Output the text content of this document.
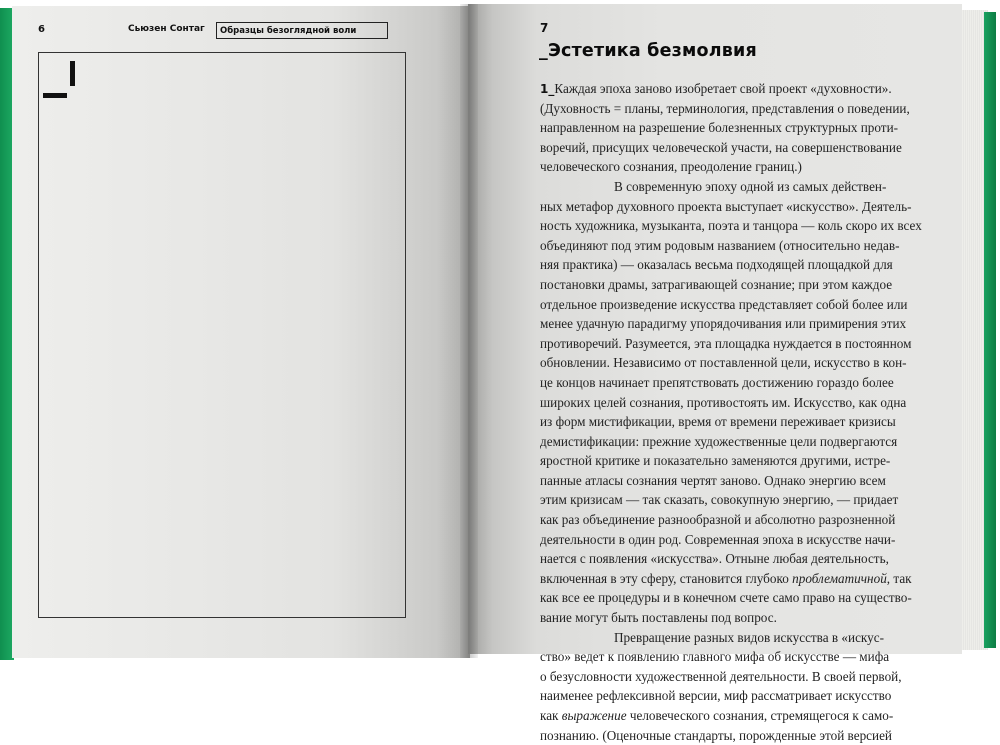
6	Сьюзен Сонтаг	Образцы безоглядной воли	7
_Эстетика безмолвия
1_Каждая эпоха заново изобретает свой проект «духовности».
(Духовность = планы, терминология, представления о поведении,
направленном на разрешение болезненных структурных проти-
воречий, присущих человеческой участи, на совершенствование
человеческого сознания, преодоление границ.)
В современную эпоху одной из самых действен-
ных метафор духовного проекта выступает «искусство». Деятель-
ность художника, музыканта, поэта и танцора — коль скоро их всех
объединяют под этим родовым названием (относительно недав-
няя практика) — оказалась весьма подходящей площадкой для
постановки драмы, затрагивающей сознание; при этом каждое
отдельное произведение искусства представляет собой более или
менее удачную парадигму упорядочивания или примирения этих
противоречий. Разумеется, эта площадка нуждается в постоянном
обновлении. Независимо от поставленной цели, искусство в кон-
це концов начинает препятствовать достижению гораздо более
широких целей сознания, противостоять им. Искусство, как одна
из форм мистификации, время от времени переживает кризисы
демистификации: прежние художественные цели подвергаются
яростной критике и показательно заменяются другими, истре-
панные атласы сознания чертят заново. Однако энергию всем
этим кризисам — так сказать, совокупную энергию, — придает
как раз объединение разнообразной и абсолютно разрозненной
деятельности в один род. Современная эпоха в искусстве начи-
нается с появления «искусства». Отныне любая деятельность,
включенная в эту сферу, становится глубоко проблематичной, так
как все ее процедуры и в конечном счете само право на существо-
вание могут быть поставлены под вопрос.
Превращение разных видов искусства в «искус-
ство» ведет к появлению главного мифа об искусстве — мифа
о безусловности художественной деятельности. В своей первой,
наименее рефлексивной версии, миф рассматривает искусство
как выражение человеческого сознания, стремящегося к само-
познанию. (Оценочные стандарты, порожденные этой версией
